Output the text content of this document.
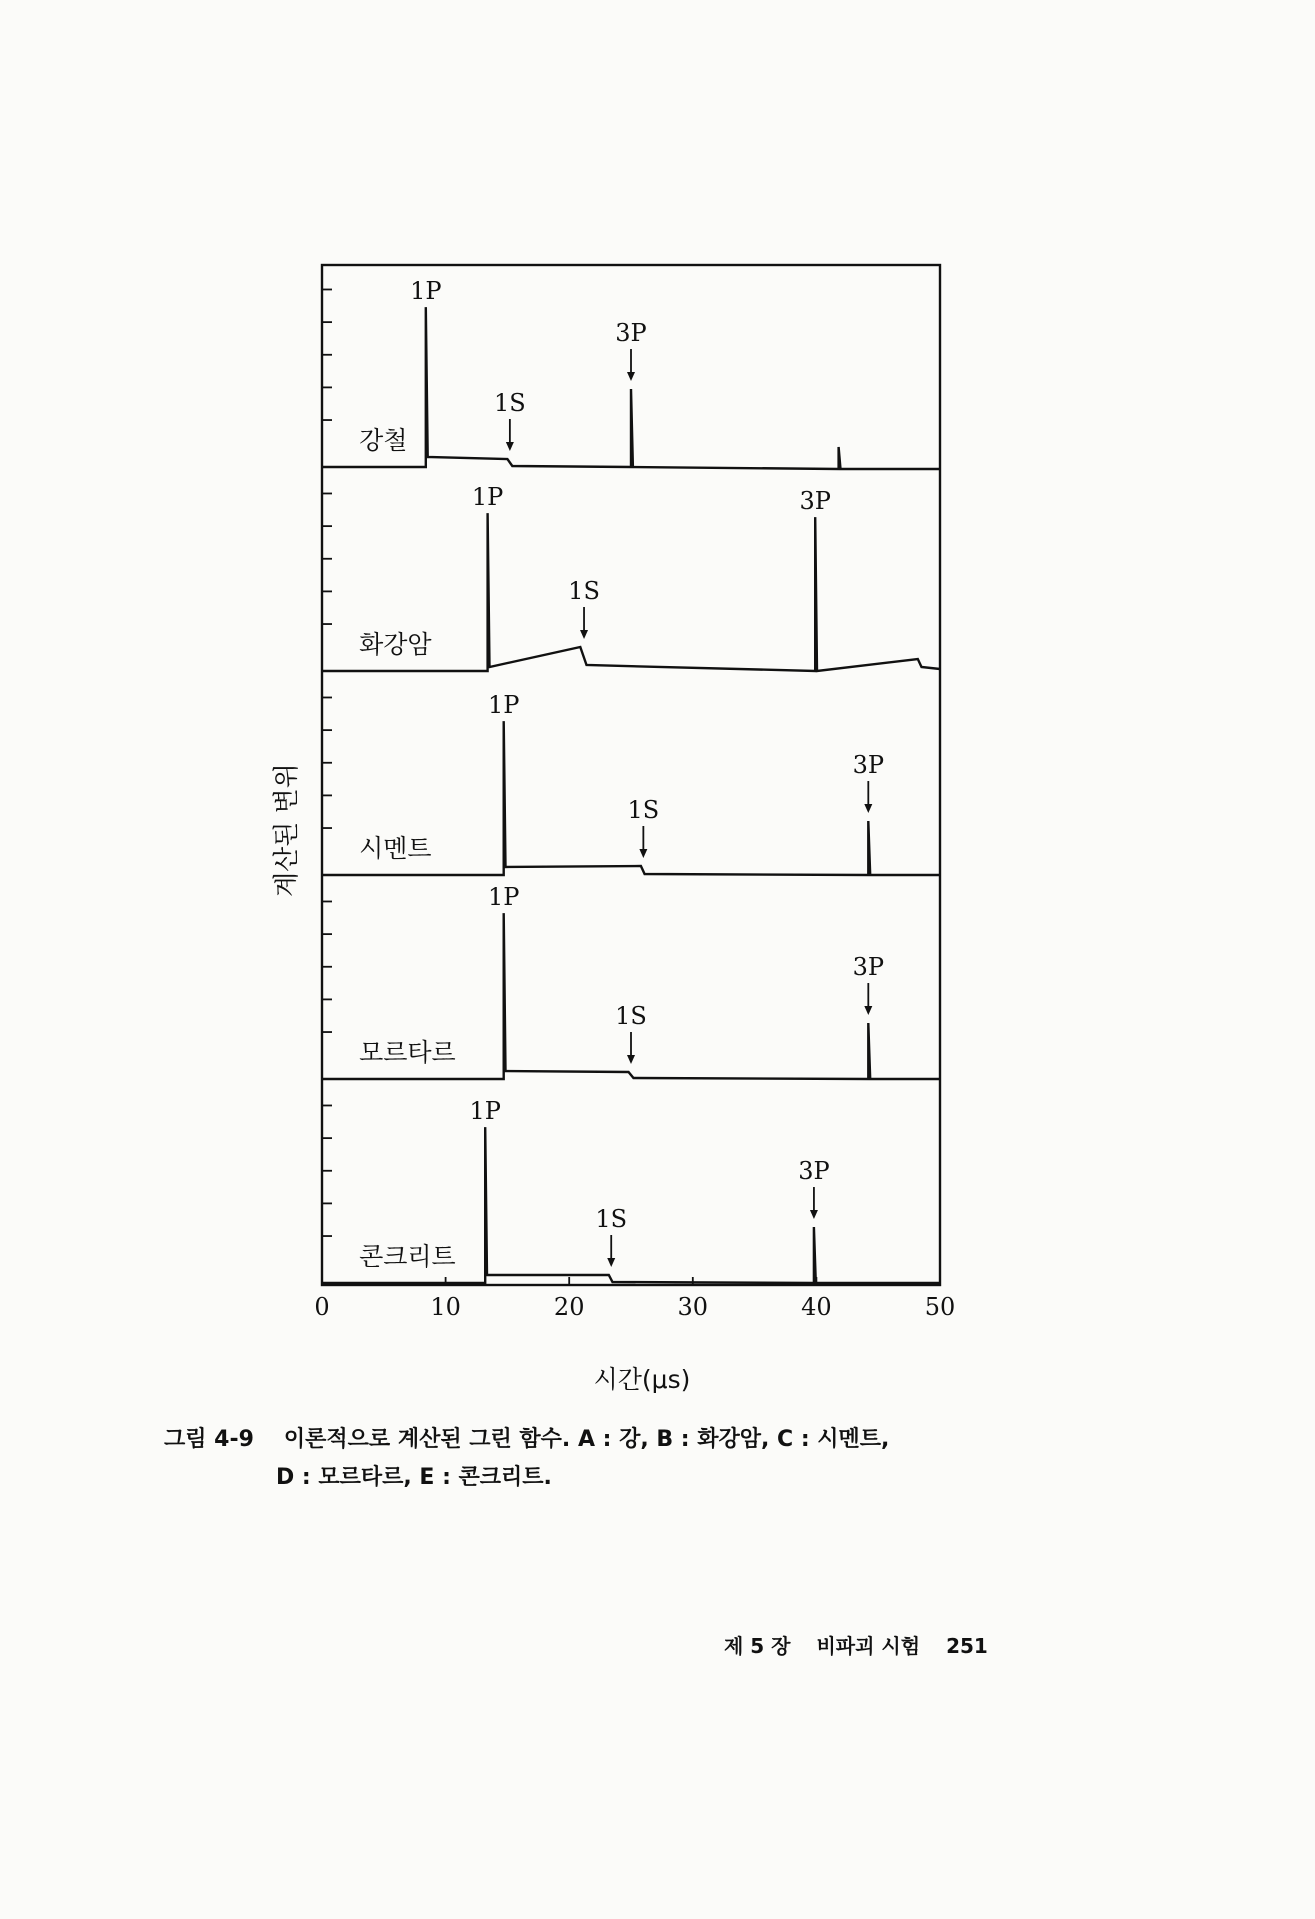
강철
1P
1S
3P
화강암
1P
1S
3P
시멘트
1P
1S
3P
모르타르
1P
1S
3P
콘크리트
1P
1S
3P
0	10	20	30	40	50
계산된 변위
시간(μs)
그림 4-9 이론적으로 계산된 그린 함수. A : 강, B : 화강암, C : 시멘트,
D : 모르타르, E : 콘크리트.
제 5 장 비파괴 시험 251
